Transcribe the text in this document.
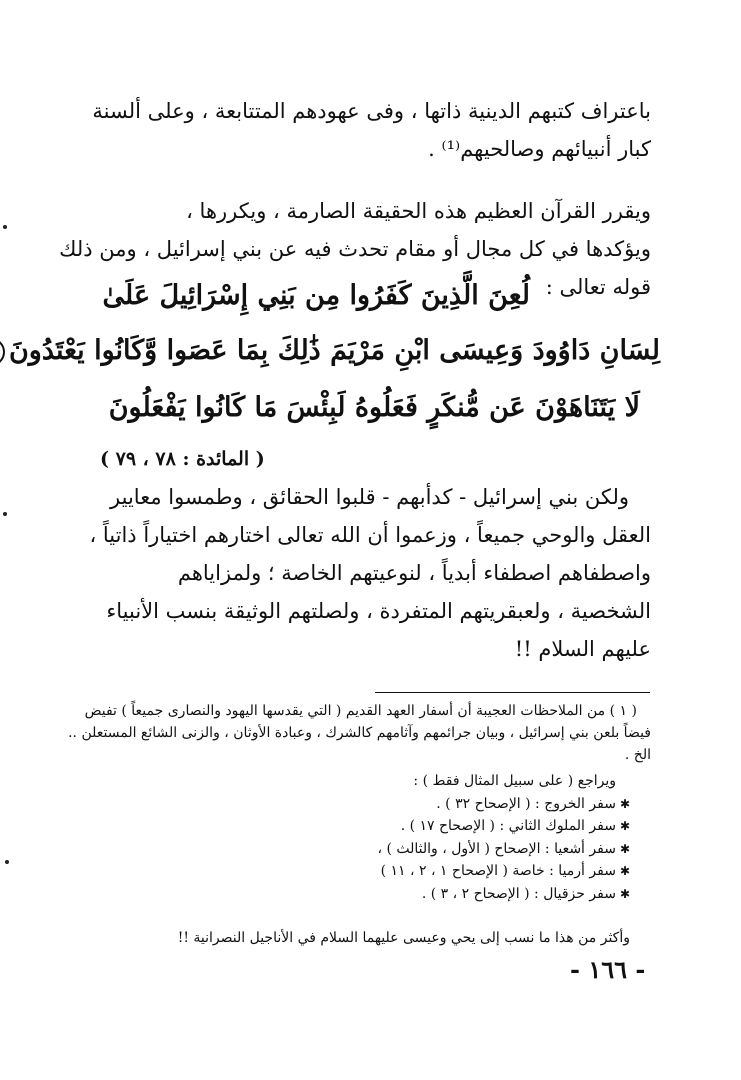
باعتراف كتبهم الدينية ذاتها ، وفى عهودهم المتتابعة ، وعلى ألسنة
كبار أنبيائهم وصالحيهم⁽¹⁾ .
ويقرر القرآن العظيم هذه الحقيقة الصارمة ، ويكررها ،
ويؤكدها في كل مجال أو مقام تحدث فيه عن بني إسرائيل ، ومن ذلك
قوله تعالى :
لُعِنَ الَّذِينَ كَفَرُوا مِن بَنِي إِسْرَائِيلَ عَلَىٰ
لِسَانِ دَاوُودَ وَعِيسَى ابْنِ مَرْيَمَ ذَٰلِكَ بِمَا عَصَوا وَّكَانُوا يَعْتَدُونَ
لَا يَتَنَاهَوْنَ عَن مُّنكَرٍ فَعَلُوهُ لَبِئْسَ مَا كَانُوا يَفْعَلُونَ
( المائدة : ٧٨ ، ٧٩ )
ولكن بني إسرائيل - كدأبهم - قلبوا الحقائق ، وطمسوا معايير
العقل والوحي جميعاً ، وزعموا أن الله تعالى اختارهم اختياراً ذاتياً ،
واصطفاهم اصطفاء أبدياً ، لنوعيتهم الخاصة ؛ ولمزاياهم
الشخصية ، ولعبقريتهم المتفردة ، ولصلتهم الوثيقة بنسب الأنبياء
عليهم السلام !!
( ١ ) من الملاحظات العجيبة أن أسفار العهد القديم ( التي يقدسها اليهود والنصارى جميعاً ) تفيض
فيضاً بلعن بني إسرائيل ، وبيان جرائمهم وآثامهم كالشرك ، وعبادة الأوثان ، والزنى الشائع المستعلن ..
الخ .
ويراجع ( على سبيل المثال فقط ) :
✱سفر الخروج : ( الإصحاح ٣٢ ) .
✱سفر الملوك الثاني : ( الإصحاح ١٧ ) .
✱سفر أشعيا : الإصحاح ( الأول ، والثالث ) ،
✱سفر أرميا : خاصة ( الإصحاح ١ ، ٢ ، ١١ )
✱سفر حزقيال : ( الإصحاح ٢ ، ٣ ) .
وأكثر من هذا ما نسب إلى يحي وعيسى عليهما السلام في الأناجيل النصرانية !!
- ١٦٦ -
